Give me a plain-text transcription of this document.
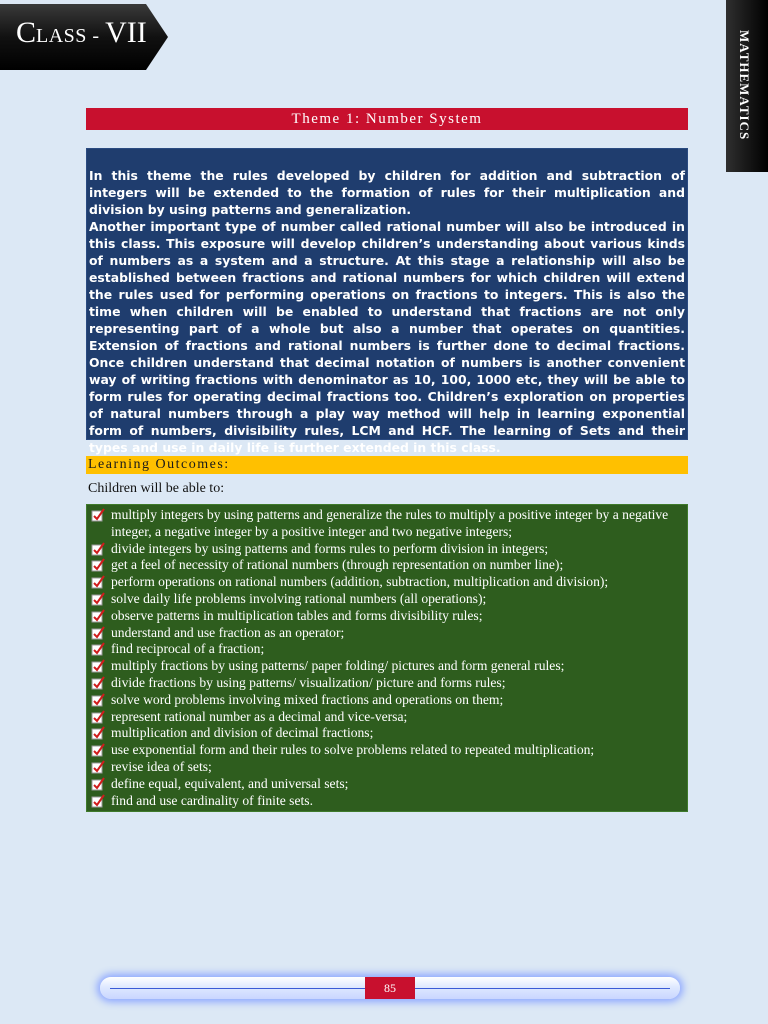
CLASS - VII	MATHEMATICS
Theme 1: Number System

In this theme the rules developed by children for addition and subtraction of integers will be extended to the formation of rules for their multiplication and division by using patterns and generalization.

Another important type of number called rational number will also be introduced in this class. This exposure will develop children’s understanding about various kinds of numbers as a system and a structure. At this stage a relationship will also be established between fractions and rational numbers for which children will extend the rules used for performing operations on fractions to integers. This is also the time when children will be enabled to understand that fractions are not only representing part of a whole but also a number that operates on quantities. Extension of fractions and rational numbers is further done to decimal fractions. Once children understand that decimal notation of numbers is another convenient way of writing fractions with denominator as 10, 100, 1000 etc, they will be able to form rules for operating decimal fractions too. Children’s exploration on properties of natural numbers through a play way method will help in learning exponential form of numbers, divisibility rules, LCM and HCF. The learning of Sets and their types and use in daily life is further extended in this class.

Learning Outcomes:
Children will be able to:
multiply integers by using patterns and generalize the rules to multiply a positive integer by a negative integer, a negative integer by a positive integer and two negative integers;
divide integers by using patterns and forms rules to perform division in integers;
get a feel of necessity of rational numbers (through representation on number line);
perform operations on rational numbers (addition, subtraction, multiplication and division);
solve daily life problems involving rational numbers (all operations);
observe patterns in multiplication tables and forms divisibility rules;
understand and use fraction as an operator;
find reciprocal of a fraction;
multiply fractions by using patterns/ paper folding/ pictures and form general rules;
divide fractions by using patterns/ visualization/ picture and forms rules;
solve word problems involving mixed fractions and operations on them;
represent rational number as a decimal and vice-versa;
multiplication and division of decimal fractions;
use exponential form and their rules to solve problems related to repeated multiplication;
revise idea of sets;
define equal, equivalent, and universal sets;
find and use cardinality of finite sets.
85
